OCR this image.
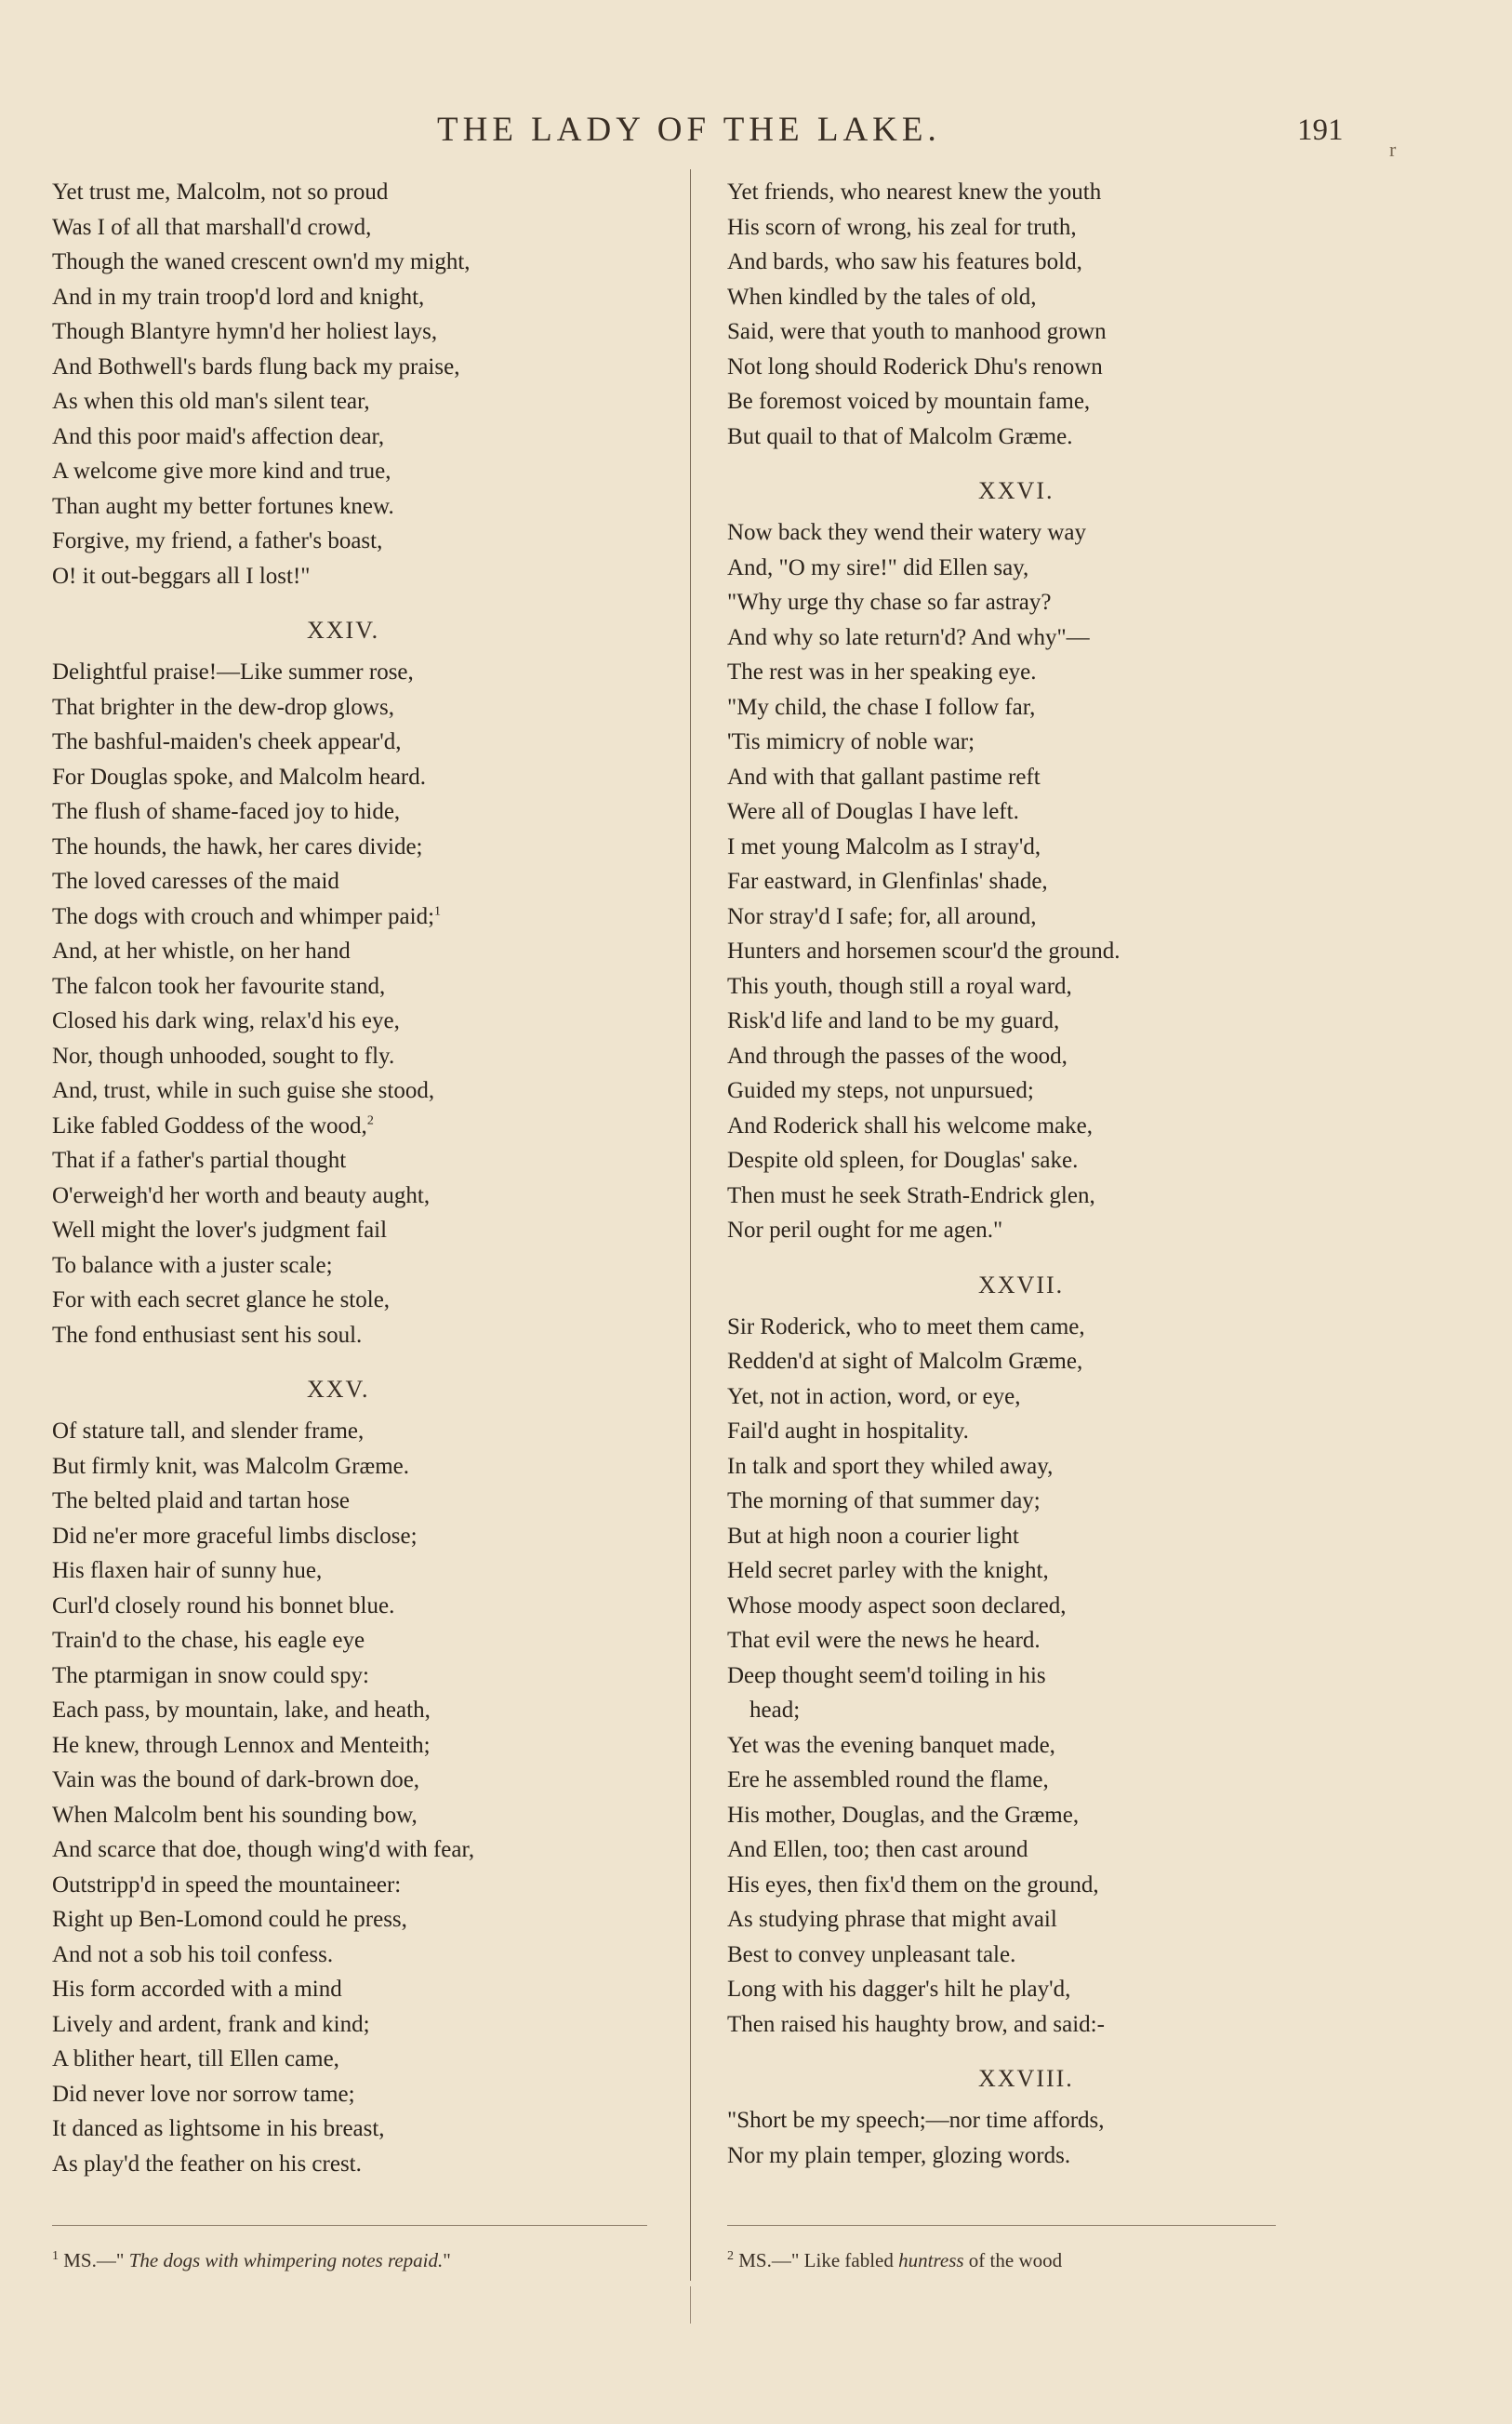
THE LADY OF THE LAKE.	191
r
Yet trust me, Malcolm, not so proud
Was I of all that marshall'd crowd,
Though the waned crescent own'd my might,
And in my train troop'd lord and knight,
Though Blantyre hymn'd her holiest lays,
And Bothwell's bards flung back my praise,
As when this old man's silent tear,
And this poor maid's affection dear,
A welcome give more kind and true,
Than aught my better fortunes knew.
Forgive, my friend, a father's boast,
O! it out-beggars all I lost!"
XXIV.
Delightful praise!—Like summer rose,
That brighter in the dew-drop glows,
The bashful-maiden's cheek appear'd,
For Douglas spoke, and Malcolm heard.
The flush of shame-faced joy to hide,
The hounds, the hawk, her cares divide;
The loved caresses of the maid
The dogs with crouch and whimper paid;$^1$
And, at her whistle, on her hand
The falcon took her favourite stand,
Closed his dark wing, relax'd his eye,
Nor, though unhooded, sought to fly.
And, trust, while in such guise she stood,
Like fabled Goddess of the wood,$^2$
That if a father's partial thought
O'erweigh'd her worth and beauty aught,
Well might the lover's judgment fail
To balance with a juster scale;
For with each secret glance he stole,
The fond enthusiast sent his soul.
XXV.
Of stature tall, and slender frame,
But firmly knit, was Malcolm Græme.
The belted plaid and tartan hose
Did ne'er more graceful limbs disclose;
His flaxen hair of sunny hue,
Curl'd closely round his bonnet blue.
Train'd to the chase, his eagle eye
The ptarmigan in snow could spy:
Each pass, by mountain, lake, and heath,
He knew, through Lennox and Menteith;
Vain was the bound of dark-brown doe,
When Malcolm bent his sounding bow,
And scarce that doe, though wing'd with fear,
Outstripp'd in speed the mountaineer:
Right up Ben-Lomond could he press,
And not a sob his toil confess.
His form accorded with a mind
Lively and ardent, frank and kind;
A blither heart, till Ellen came,
Did never love nor sorrow tame;
It danced as lightsome in his breast,
As play'd the feather on his crest.
Yet friends, who nearest knew the youth
His scorn of wrong, his zeal for truth,
And bards, who saw his features bold,
When kindled by the tales of old,
Said, were that youth to manhood grown
Not long should Roderick Dhu's renown
Be foremost voiced by mountain fame,
But quail to that of Malcolm Græme.
XXVI.
Now back they wend their watery way
And, "O my sire!" did Ellen say,
"Why urge thy chase so far astray?
And why so late return'd? And why"—
The rest was in her speaking eye.
"My child, the chase I follow far,
'Tis mimicry of noble war;
And with that gallant pastime reft
Were all of Douglas I have left.
I met young Malcolm as I stray'd,
Far eastward, in Glenfinlas' shade,
Nor stray'd I safe; for, all around,
Hunters and horsemen scour'd the ground.
This youth, though still a royal ward,
Risk'd life and land to be my guard,
And through the passes of the wood,
Guided my steps, not unpursued;
And Roderick shall his welcome make,
Despite old spleen, for Douglas' sake.
Then must he seek Strath-Endrick glen,
Nor peril ought for me agen."
XXVII.
Sir Roderick, who to meet them came,
Redden'd at sight of Malcolm Græme,
Yet, not in action, word, or eye,
Fail'd aught in hospitality.
In talk and sport they whiled away,
The morning of that summer day;
But at high noon a courier light
Held secret parley with the knight,
Whose moody aspect soon declared,
That evil were the news he heard.
Deep thought seem'd toiling in his
head;
Yet was the evening banquet made,
Ere he assembled round the flame,
His mother, Douglas, and the Græme,
And Ellen, too; then cast around
His eyes, then fix'd them on the ground,
As studying phrase that might avail
Best to convey unpleasant tale.
Long with his dagger's hilt he play'd,
Then raised his haughty brow, and said:-
XXVIII.
"Short be my speech;—nor time affords,
Nor my plain temper, glozing words.
$^1$ MS.—" The dogs with whimpering notes repaid."	$^2$ MS.—" Like fabled huntress of the wood
